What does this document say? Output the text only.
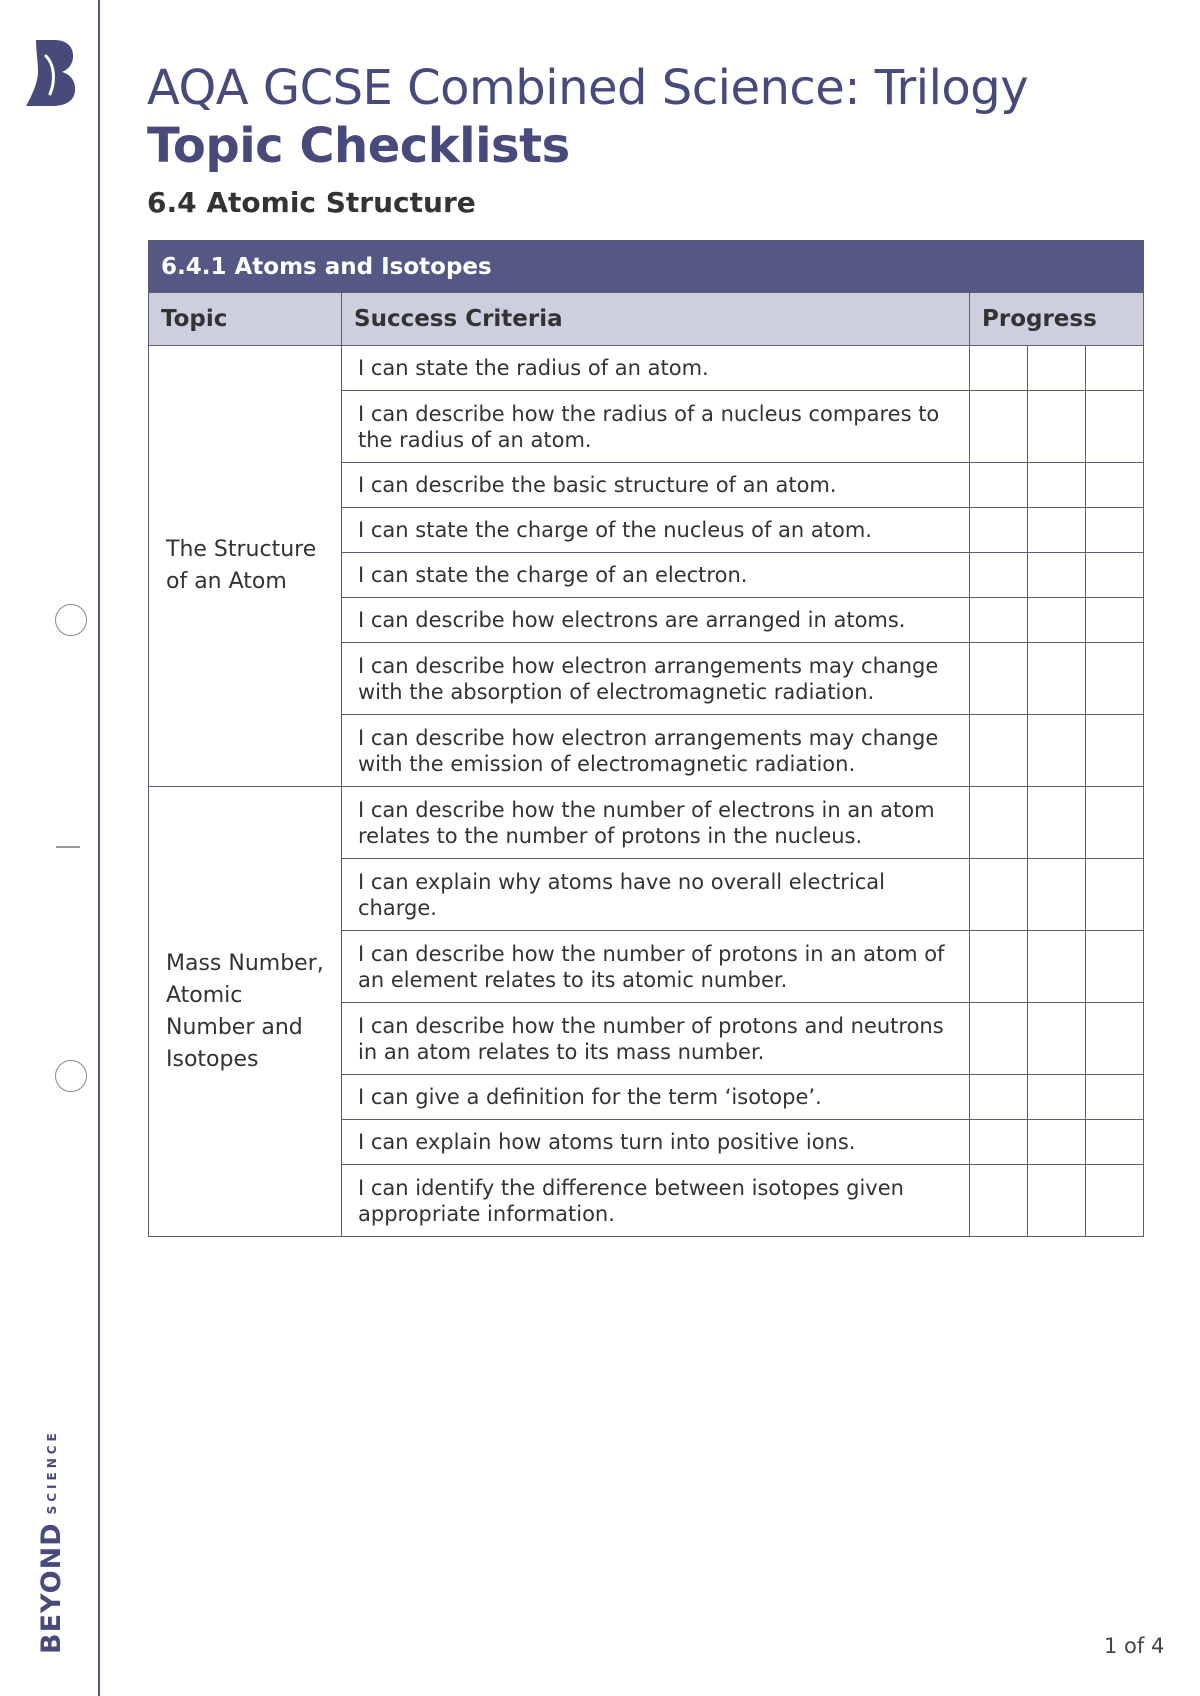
BEYONDSCIENCE
AQA GCSE Combined Science: Trilogy
Topic Checklists
6.4 Atomic Structure
6.4.1 Atoms and Isotopes				
Topic	Success Criteria	Progress		
The Structure of an Atom	I can state the radius of an atom.			
	I can describe how the radius of a nucleus compares to the radius of an atom.			
	I can describe the basic structure of an atom.			
	I can state the charge of the nucleus of an atom.			
	I can state the charge of an electron.			
	I can describe how electrons are arranged in atoms.			
	I can describe how electron arrangements may change with the absorption of electromagnetic radiation.			
	I can describe how electron arrangements may change with the emission of electromagnetic radiation.			
Mass Number, Atomic Number and Isotopes	I can describe how the number of electrons in an atom relates to the number of protons in the nucleus.			
	I can explain why atoms have no overall electrical charge.			
	I can describe how the number of protons in an atom of an element relates to its atomic number.			
	I can describe how the number of protons and neutrons in an atom relates to its mass number.			
	I can give a definition for the term ‘isotope’.			
	I can explain how atoms turn into positive ions.			
	I can identify the difference between isotopes given appropriate information.			
1 of 4
